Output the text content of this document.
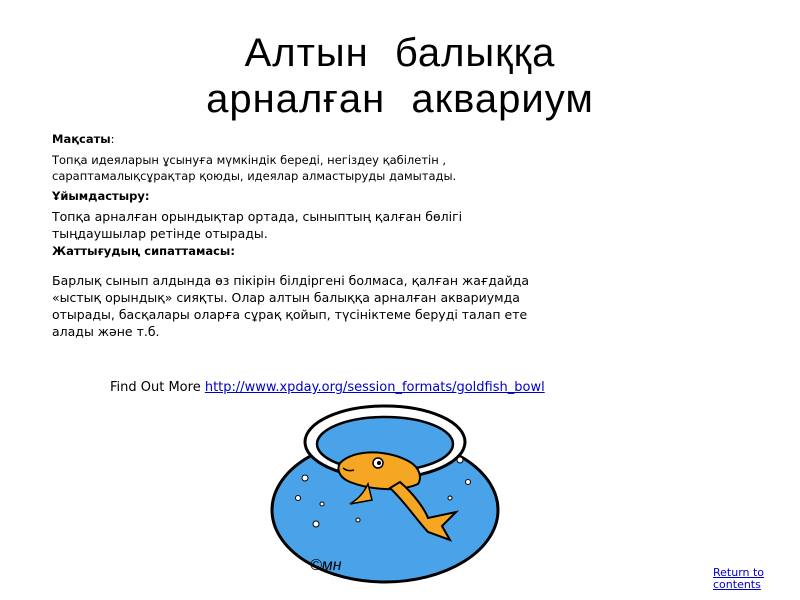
Алтын балыққа
арналған аквариум
Мақсаты:
Топқа идеяларын ұсынуға мүмкіндік береді, негіздеу қабілетін ,
сараптамалықсұрақтар қоюды, идеялар алмастыруды дамытады.
Ұйымдастыру:
Топқа арналған орындықтар ортада, сыныптың қалған бөлігі
тыңдаушылар ретінде отырады.
Жаттығудың сипаттамасы:
Барлық сынып алдында өз пікірін білдіргені болмаса, қалған жағдайда
«ыстық орындық» сияқты. Олар алтын балыққа арналған аквариумда
отырады, басқалары оларға сұрақ қойып, түсініктеме беруді талап ете
алады және т.б.
Find Out More http://www.xpday.org/session_formats/goldfish_bowl
©мн	Return to
contents
